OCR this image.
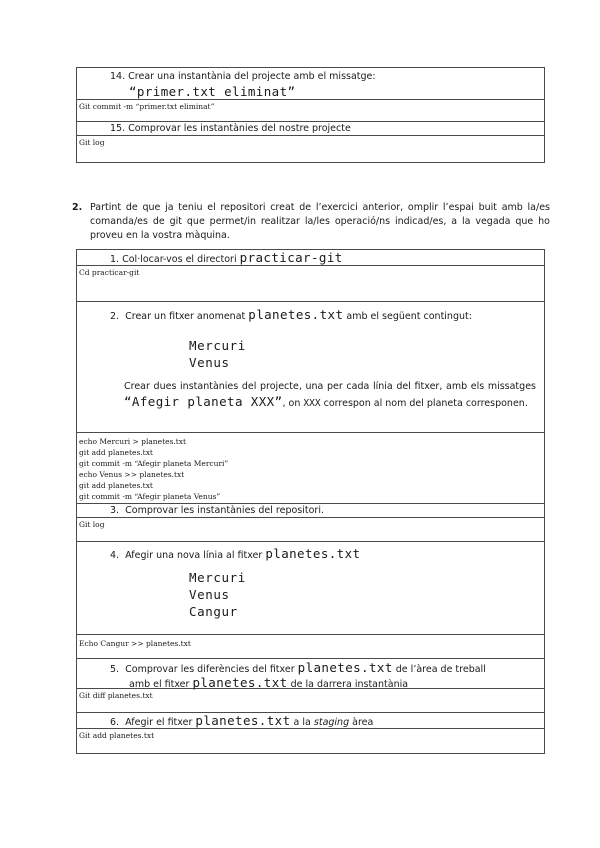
14. Crear una instantània del projecte amb el missatge:
“primer.txt eliminat”
Git commit -m “primer.txt eliminat”
15. Comprovar les instantànies del nostre projecte
Git log
2. Partint de que ja teniu el repositori creat de l’exercici anterior, omplir l’espai buit amb la/es comanda/es de git que permet/in realitzar la/les operació/ns indicad/es, a la vegada que ho proveu en la vostra màquina.
1. Col·locar-vos el directori practicar-git
Cd practicar-git
2. Crear un fitxer anomenat planetes.txt amb el següent contingut:
Mercuri
Venus
Crear dues instantànies del projecte, una per cada línia del fitxer, amb els missatges “Afegir planeta XXX”, on XXX correspon al nom del planeta corresponen.
echo Mercuri > planetes.txt
git add planetes.txt
git commit -m “Afegir planeta Mercuri”
echo Venus >> planetes.txt
git add planetes.txt
git commit -m “Afegir planeta Venus”
3. Comprovar les instantànies del repositori.
Git log
4. Afegir una nova línia al fitxer planetes.txt
Mercuri
Venus
Cangur
Echo Cangur >> planetes.txt
5. Comprovar les diferències del fitxer planetes.txt de l’àrea de treball
amb el fitxer planetes.txt de la darrera instantània
Git diff planetes.txt
6. Afegir el fitxer planetes.txt a la staging àrea
Git add planetes.txt
